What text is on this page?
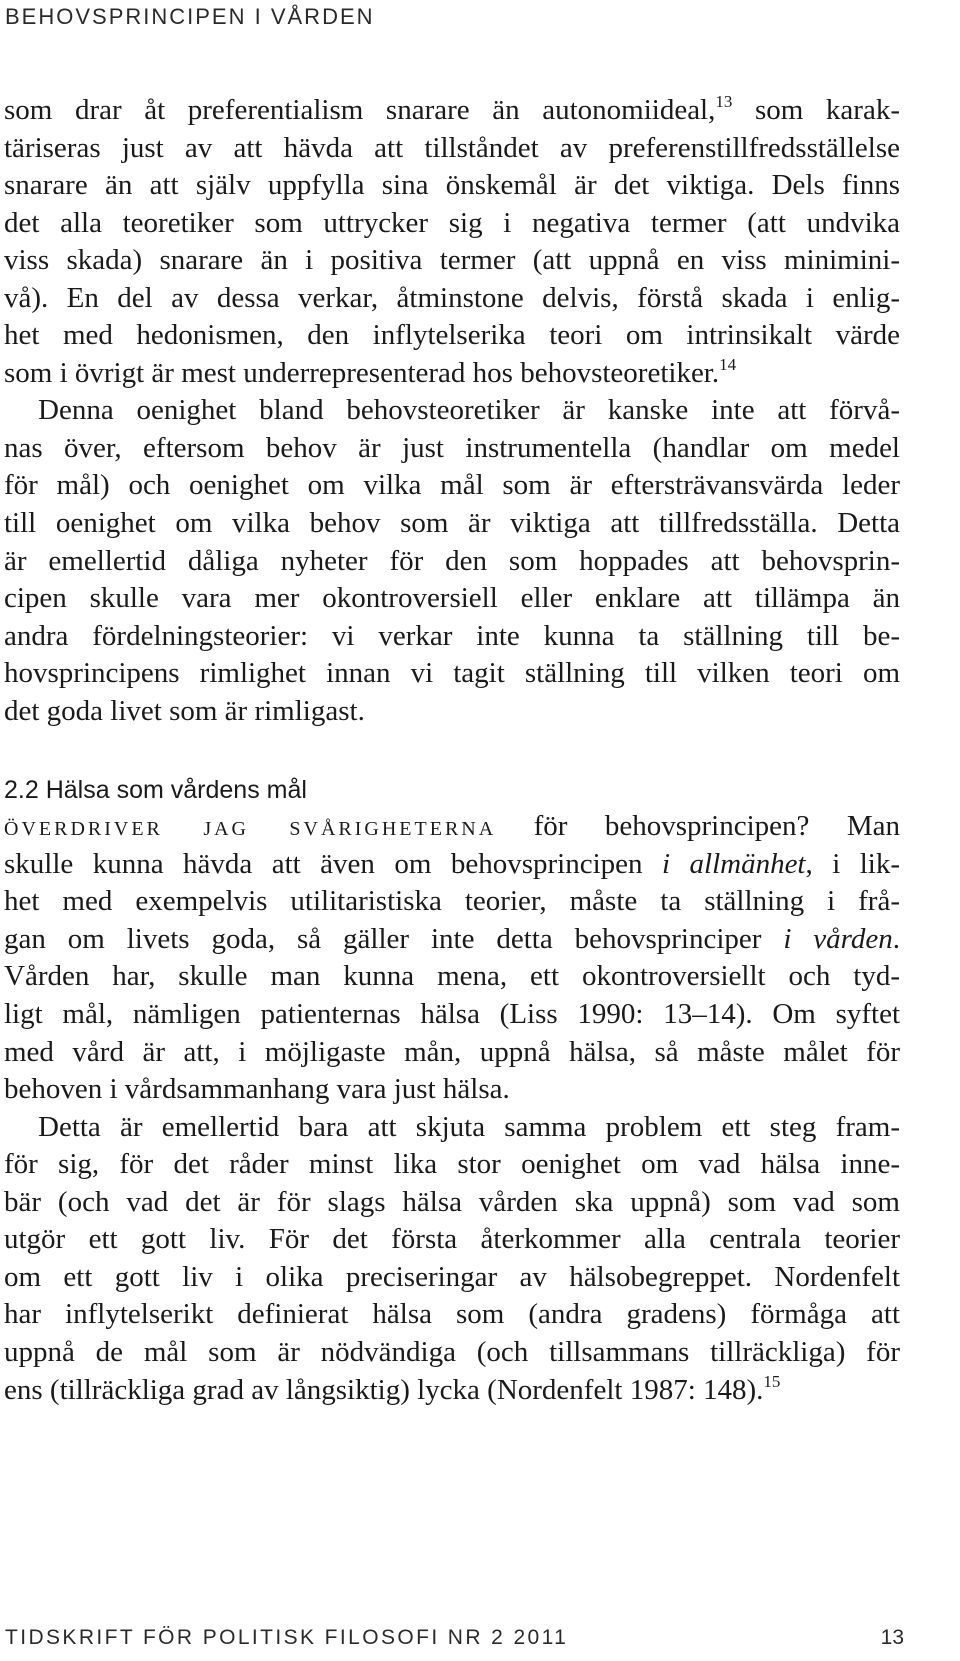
BEHOVSPRINCIPEN I VÅRDEN

som drar åt preferentialism snarare än autonomiideal,$^{13}$ som karak-
täriseras just av att hävda att tillståndet av preferenstillfredsställelse
snarare än att själv uppfylla sina önskemål är det viktiga. Dels finns
det alla teoretiker som uttrycker sig i negativa termer (att undvika
viss skada) snarare än i positiva termer (att uppnå en viss minimini-
vå). En del av dessa verkar, åtminstone delvis, förstå skada i enlig-
het med hedonismen, den inflytelserika teori om intrinsikalt värde
som i övrigt är mest underrepresenterad hos behovsteoretiker.$^{14}$

Denna oenighet bland behovsteoretiker är kanske inte att förvå-
nas över, eftersom behov är just instrumentella (handlar om medel
för mål) och oenighet om vilka mål som är eftersträvansvärda leder
till oenighet om vilka behov som är viktiga att tillfredsställa. Detta
är emellertid dåliga nyheter för den som hoppades att behovsprin-
cipen skulle vara mer okontroversiell eller enklare att tillämpa än
andra fördelningsteorier: vi verkar inte kunna ta ställning till be-
hovsprincipens rimlighet innan vi tagit ställning till vilken teori om
det goda livet som är rimligast.

2.2 Hälsa som vårdens mål

överdriver jag svårigheterna för behovsprincipen? Man
skulle kunna hävda att även om behovsprincipen i allmänhet, i lik-
het med exempelvis utilitaristiska teorier, måste ta ställning i frå-
gan om livets goda, så gäller inte detta behovsprinciper i vården.
Vården har, skulle man kunna mena, ett okontroversiellt och tyd-
ligt mål, nämligen patienternas hälsa (Liss 1990: 13–14). Om syftet
med vård är att, i möjligaste mån, uppnå hälsa, så måste målet för
behoven i vårdsammanhang vara just hälsa.

Detta är emellertid bara att skjuta samma problem ett steg fram-
för sig, för det råder minst lika stor oenighet om vad hälsa inne-
bär (och vad det är för slags hälsa vården ska uppnå) som vad som
utgör ett gott liv. För det första återkommer alla centrala teorier
om ett gott liv i olika preciseringar av hälsobegreppet. Nordenfelt
har inflytelserikt definierat hälsa som (andra gradens) förmåga att
uppnå de mål som är nödvändiga (och tillsammans tillräckliga) för
ens (tillräckliga grad av långsiktig) lycka (Nordenfelt 1987: 148).$^{15}$

TIDSKRIFT FÖR POLITISK FILOSOFI NR 2 2011	13
